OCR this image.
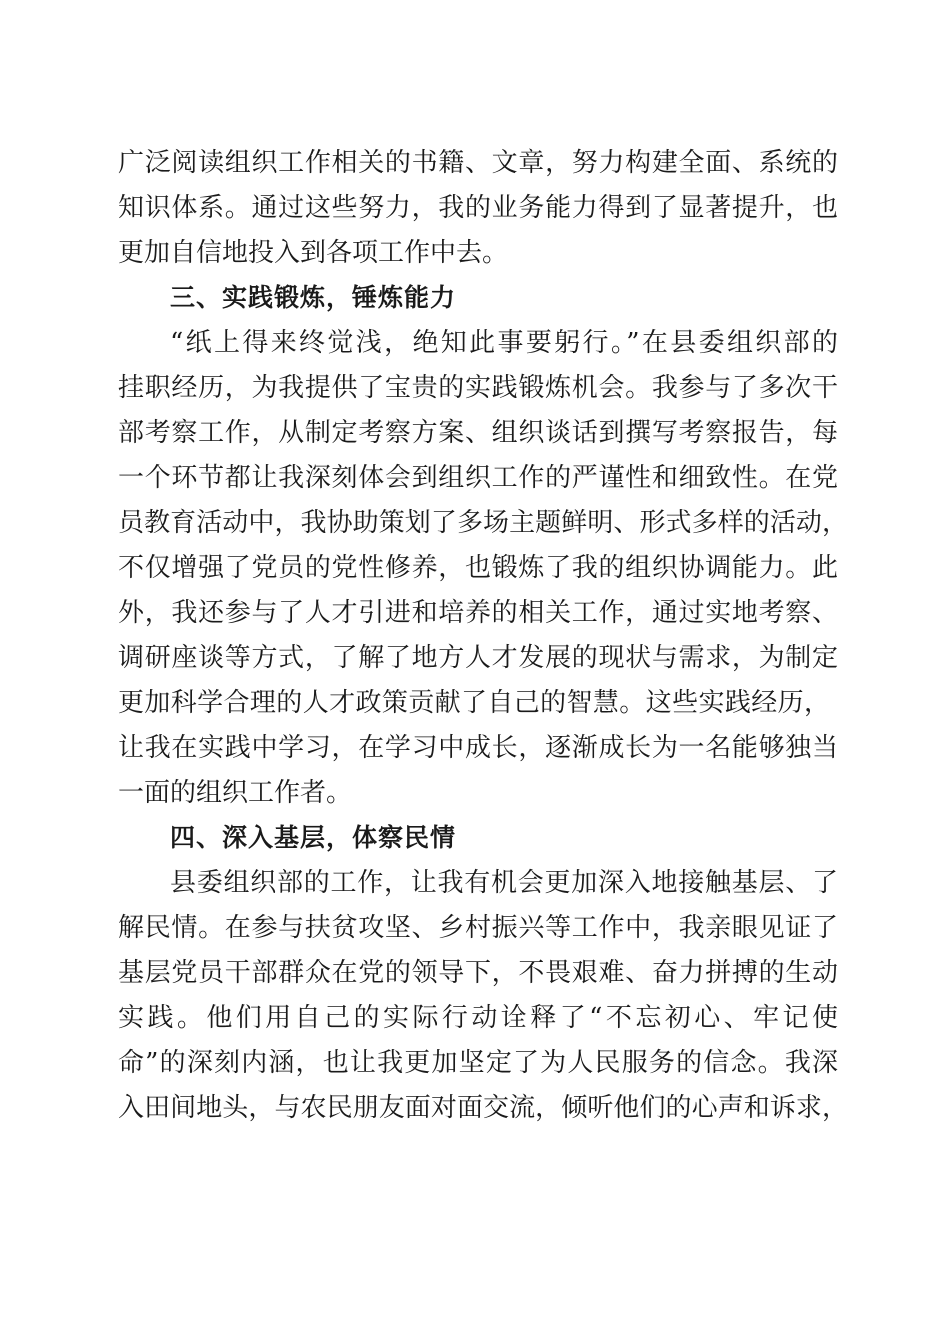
广泛阅读组织工作相关的书籍、文章，努力构建全面、系统的
知识体系。通过这些努力，我的业务能力得到了显著提升，也
更加自信地投入到各项工作中去。
三、实践锻炼，锤炼能力
“纸上得来终觉浅，绝知此事要躬行。”在县委组织部的
挂职经历，为我提供了宝贵的实践锻炼机会。我参与了多次干
部考察工作，从制定考察方案、组织谈话到撰写考察报告，每
一个环节都让我深刻体会到组织工作的严谨性和细致性。在党
员教育活动中，我协助策划了多场主题鲜明、形式多样的活动，
不仅增强了党员的党性修养，也锻炼了我的组织协调能力。此
外，我还参与了人才引进和培养的相关工作，通过实地考察、
调研座谈等方式，了解了地方人才发展的现状与需求，为制定
更加科学合理的人才政策贡献了自己的智慧。这些实践经历，
让我在实践中学习，在学习中成长，逐渐成长为一名能够独当
一面的组织工作者。
四、深入基层，体察民情
县委组织部的工作，让我有机会更加深入地接触基层、了
解民情。在参与扶贫攻坚、乡村振兴等工作中，我亲眼见证了
基层党员干部群众在党的领导下，不畏艰难、奋力拼搏的生动
实践。他们用自己的实际行动诠释了“不忘初心、牢记使
命”的深刻内涵，也让我更加坚定了为人民服务的信念。我深
入田间地头，与农民朋友面对面交流，倾听他们的心声和诉求，
